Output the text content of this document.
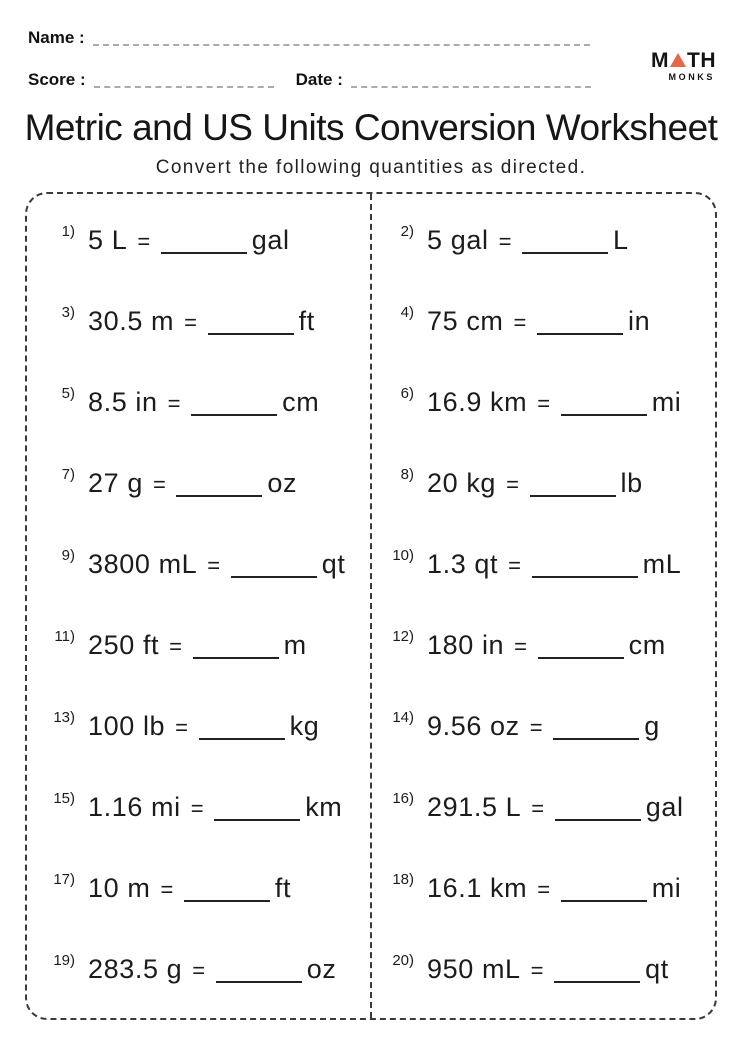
Name :
Score :	Date :
M TH
MONKS
Metric and US Units Conversion Worksheet
Convert the following quantities as directed.
1) 5 L =	gal
3) 30.5 m =	ft
5) 8.5 in =	cm
7) 27 g =	oz
9) 3800 mL =	qt
11) 250 ft =	m
13) 100 lb =	kg
15) 1.16 mi =	km
17) 10 m =	ft
19) 283.5 g =	oz
2) 5 gal =	L
4) 75 cm =	in
6) 16.9 km =	mi
8) 20 kg =	lb
10) 1.3 qt =	mL
12) 180 in =	cm
14) 9.56 oz =	g
16) 291.5 L =	gal
18) 16.1 km =	mi
20) 950 mL =	qt
